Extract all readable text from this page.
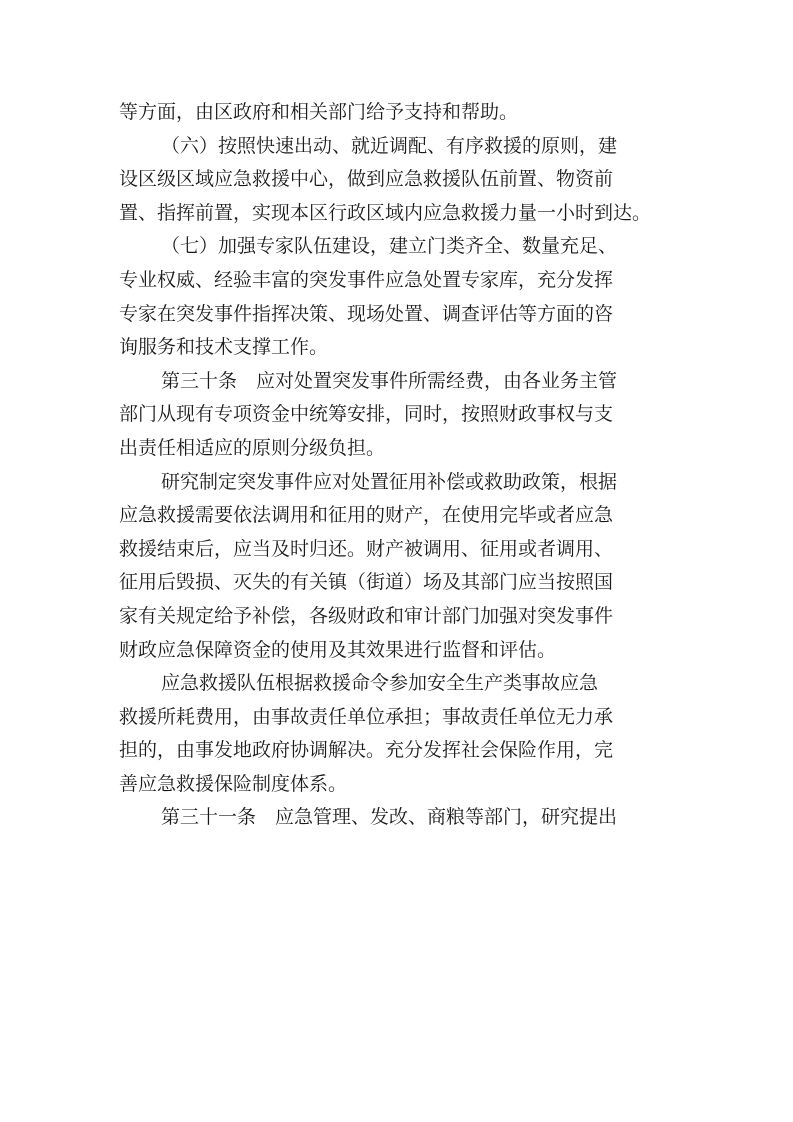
等方面，由区政府和相关部门给予支持和帮助。
（六）按照快速出动、就近调配、有序救援的原则，建
设区级区域应急救援中心，做到应急救援队伍前置、物资前
置、指挥前置，实现本区行政区域内应急救援力量一小时到达。
（七）加强专家队伍建设，建立门类齐全、数量充足、
专业权威、经验丰富的突发事件应急处置专家库，充分发挥
专家在突发事件指挥决策、现场处置、调查评估等方面的咨
询服务和技术支撑工作。
第三十条　应对处置突发事件所需经费，由各业务主管
部门从现有专项资金中统筹安排，同时，按照财政事权与支
出责任相适应的原则分级负担。
研究制定突发事件应对处置征用补偿或救助政策，根据
应急救援需要依法调用和征用的财产，在使用完毕或者应急
救援结束后，应当及时归还。财产被调用、征用或者调用、
征用后毁损、灭失的有关镇（街道）场及其部门应当按照国
家有关规定给予补偿，各级财政和审计部门加强对突发事件
财政应急保障资金的使用及其效果进行监督和评估。
应急救援队伍根据救援命令参加安全生产类事故应急
救援所耗费用，由事故责任单位承担；事故责任单位无力承
担的，由事发地政府协调解决。充分发挥社会保险作用，完
善应急救援保险制度体系。
第三十一条　应急管理、发改、商粮等部门，研究提出
